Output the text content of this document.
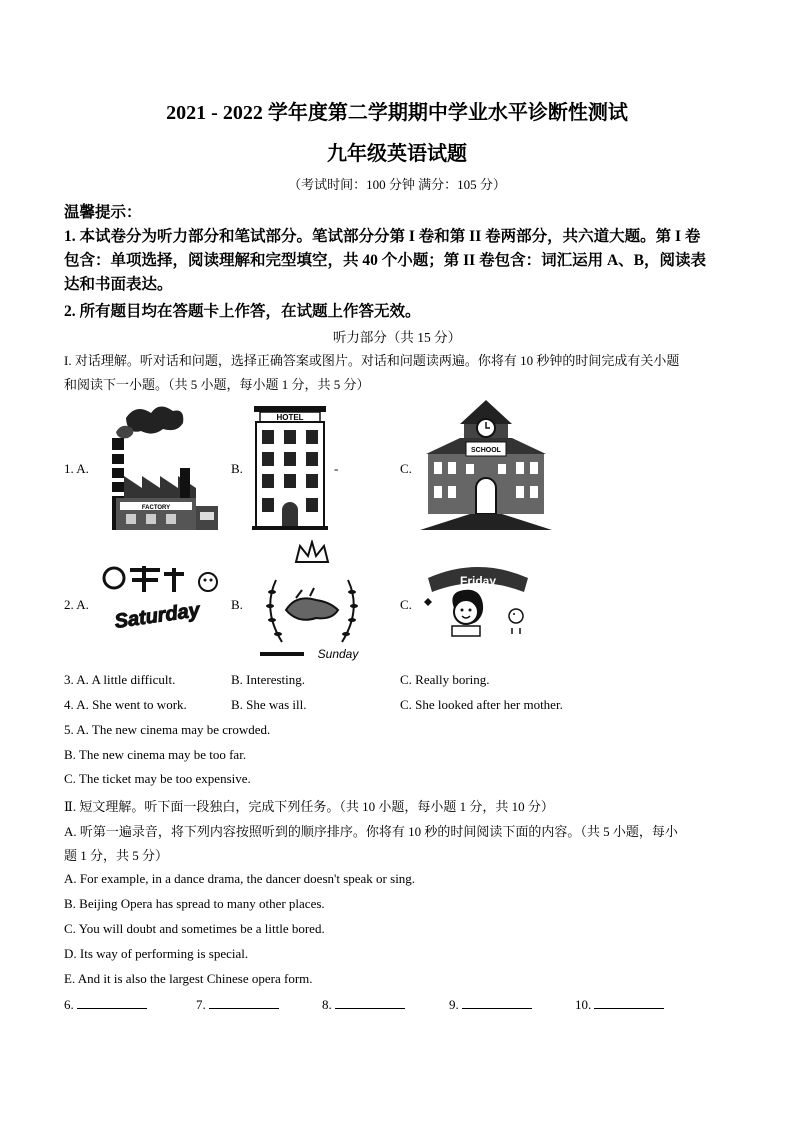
2021 - 2022 学年度第二学期期中学业水平诊断性测试
九年级英语试题
（考试时间：100 分钟 满分：105 分）
温馨提示：
1. 本试卷分为听力部分和笔试部分。笔试部分分第 I 卷和第 II 卷两部分，共六道大题。第 I 卷
包含：单项选择，阅读理解和完型填空，共 40 个小题；第 II 卷包含：词汇运用 A、B，阅读表
达和书面表达。
2. 所有题目均在答题卡上作答，在试题上作答无效。
听力部分（共 15 分）
I. 对话理解。听对话和问题，选择正确答案或图片。对话和问题读两遍。你将有 10 秒钟的时间完成有关小题
和阅读下一小题。（共 5 小题，每小题 1 分，共 5 分）
1. A.
FACTORY
B.
HOTEL
-	C.
SCHOOL
2. A. Saturday B.
Sunday
C.
Friday
3. A. A little difficult.	B. Interesting.	C. Really boring.
4. A. She went to work.	B. She was ill.	C. She looked after her mother.
5. A. The new cinema may be crowded.
B. The new cinema may be too far.
C. The ticket may be too expensive.
Ⅱ. 短文理解。听下面一段独白，完成下列任务。（共 10 小题，每小题 1 分，共 10 分）
A. 听第一遍录音，将下列内容按照听到的顺序排序。你将有 10 秒的时间阅读下面的内容。（共 5 小题，每小
题 1 分，共 5 分）
A. For example, in a dance drama, the dancer doesn't speak or sing.
B. Beijing Opera has spread to many other places.
C. You will doubt and sometimes be a little bored.
D. Its way of performing is special.
E. And it is also the largest Chinese opera form.
6.	7.	8.	9.	10.
